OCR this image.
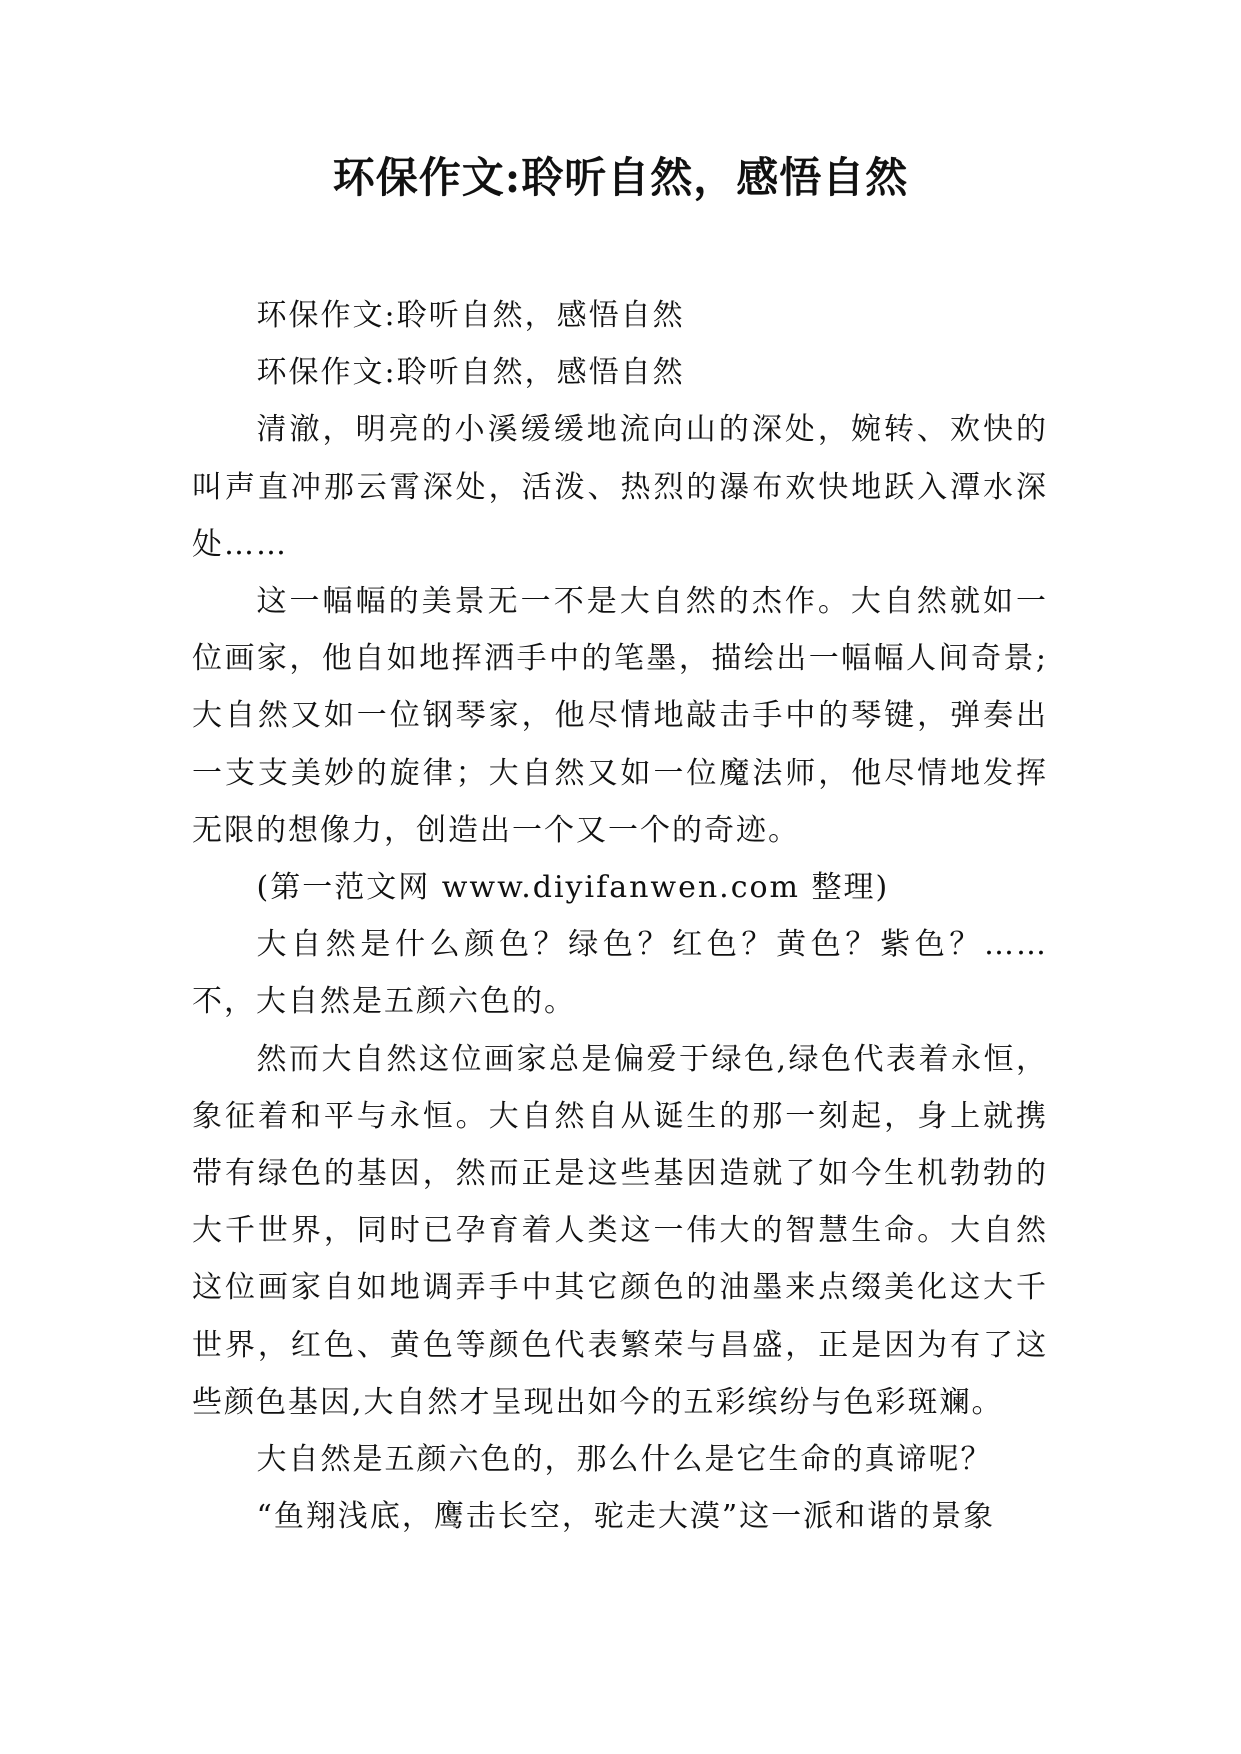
环保作文:聆听自然，感悟自然

环保作文:聆听自然，感悟自然

环保作文:聆听自然，感悟自然

清澈，明亮的小溪缓缓地流向山的深处，婉转、欢快的叫声直冲那云霄深处，活泼、热烈的瀑布欢快地跃入潭水深处……

这一幅幅的美景无一不是大自然的杰作。大自然就如一位画家，他自如地挥洒手中的笔墨，描绘出一幅幅人间奇景;大自然又如一位钢琴家，他尽情地敲击手中的琴键，弹奏出一支支美妙的旋律；大自然又如一位魔法师，他尽情地发挥无限的想像力，创造出一个又一个的奇迹。

(第一范文网 www.diyifanwen.com 整理)

大自然是什么颜色？绿色？红色？黄色？紫色？……不，大自然是五颜六色的。

然而大自然这位画家总是偏爱于绿色,绿色代表着永恒，象征着和平与永恒。大自然自从诞生的那一刻起，身上就携带有绿色的基因，然而正是这些基因造就了如今生机勃勃的大千世界，同时已孕育着人类这一伟大的智慧生命。大自然这位画家自如地调弄手中其它颜色的油墨来点缀美化这大千世界，红色、黄色等颜色代表繁荣与昌盛，正是因为有了这些颜色基因,大自然才呈现出如今的五彩缤纷与色彩斑斓。

大自然是五颜六色的，那么什么是它生命的真谛呢？

“鱼翔浅底，鹰击长空，驼走大漠”这一派和谐的景象
